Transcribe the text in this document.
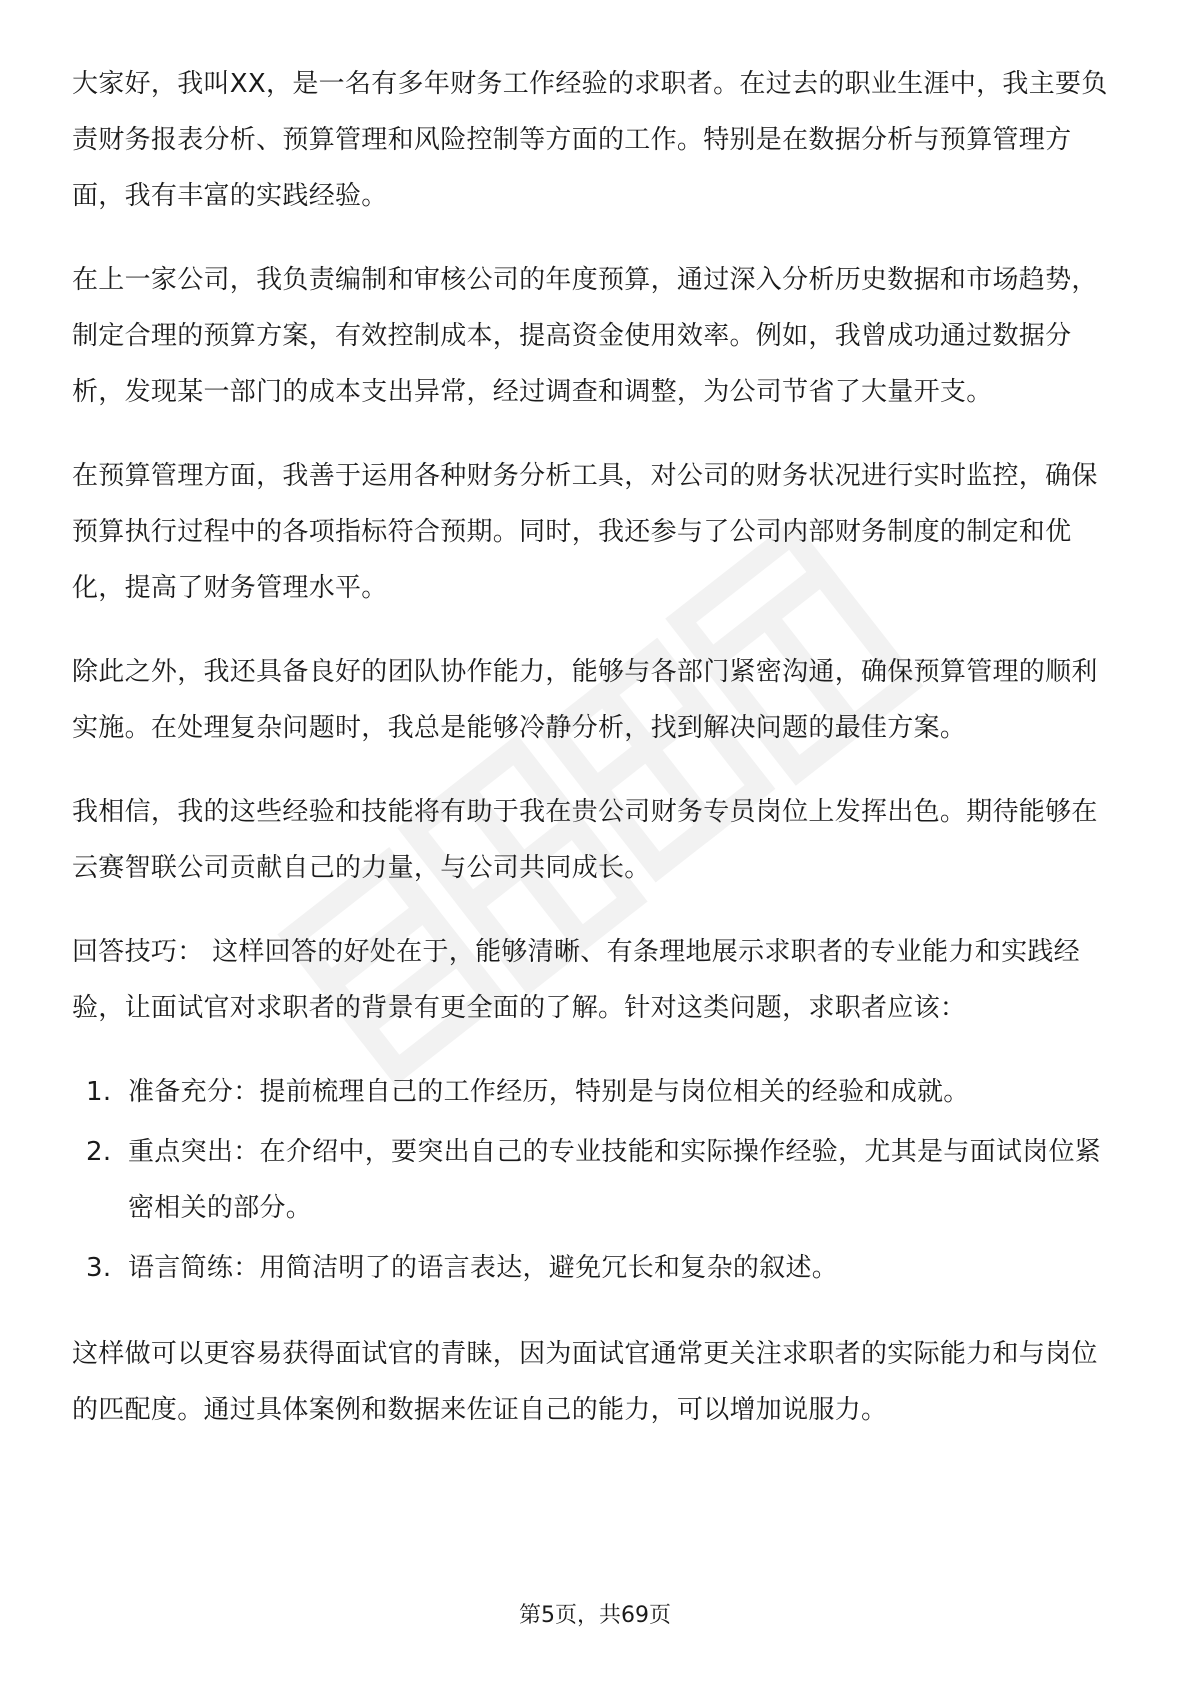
大家好，我叫XX，是一名有多年财务工作经验的求职者。在过去的职业生涯中，我主要负责财务报表分析、预算管理和风险控制等方面的工作。特别是在数据分析与预算管理方面，我有丰富的实践经验。

在上一家公司，我负责编制和审核公司的年度预算，通过深入分析历史数据和市场趋势，制定合理的预算方案，有效控制成本，提高资金使用效率。例如，我曾成功通过数据分析，发现某一部门的成本支出异常，经过调查和调整，为公司节省了大量开支。

在预算管理方面，我善于运用各种财务分析工具，对公司的财务状况进行实时监控，确保预算执行过程中的各项指标符合预期。同时，我还参与了公司内部财务制度的制定和优化，提高了财务管理水平。

除此之外，我还具备良好的团队协作能力，能够与各部门紧密沟通，确保预算管理的顺利实施。在处理复杂问题时，我总是能够冷静分析，找到解决问题的最佳方案。

我相信，我的这些经验和技能将有助于我在贵公司财务专员岗位上发挥出色。期待能够在云赛智联公司贡献自己的力量，与公司共同成长。

回答技巧： 这样回答的好处在于，能够清晰、有条理地展示求职者的专业能力和实践经验，让面试官对求职者的背景有更全面的了解。针对这类问题，求职者应该：

1. 准备充分：提前梳理自己的工作经历，特别是与岗位相关的经验和成就。
2. 重点突出：在介绍中，要突出自己的专业技能和实际操作经验，尤其是与面试岗位紧密相关的部分。
3. 语言简练：用简洁明了的语言表达，避免冗长和复杂的叙述。

这样做可以更容易获得面试官的青睐，因为面试官通常更关注求职者的实际能力和与岗位的匹配度。通过具体案例和数据来佐证自己的能力，可以增加说服力。

第5页，共69页
